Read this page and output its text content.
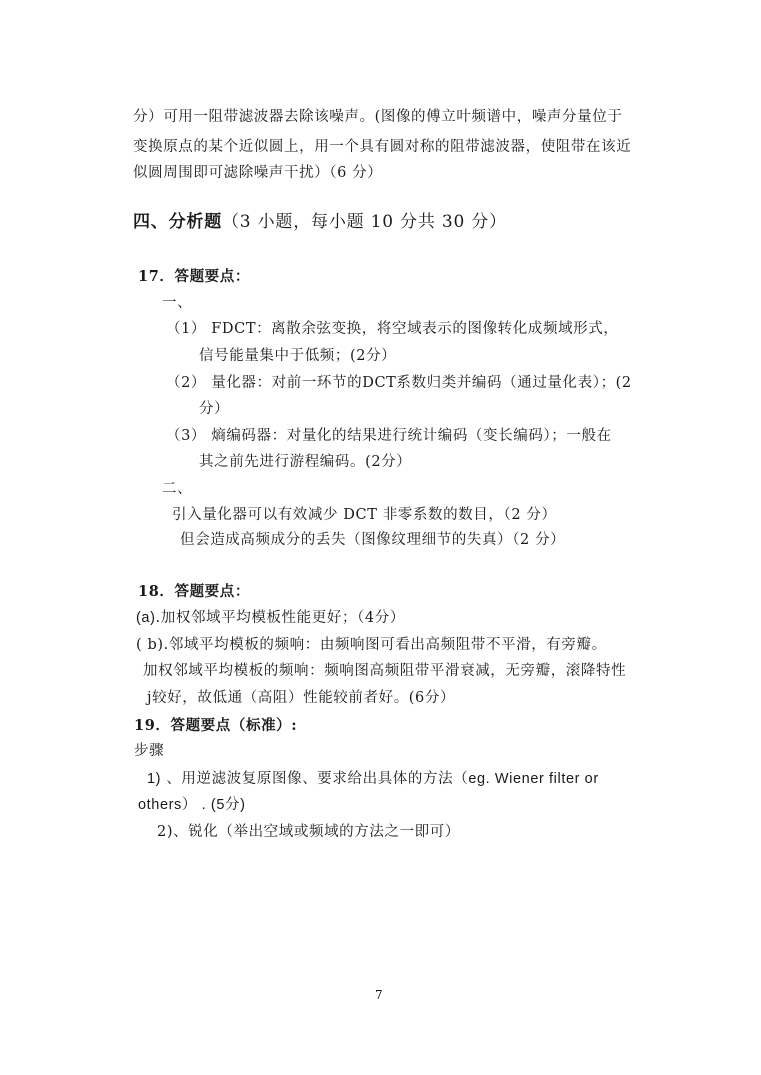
分）可用一阻带滤波器去除该噪声。(图像的傅立叶频谱中，噪声分量位于
变换原点的某个近似圆上，用一个具有圆对称的阻带滤波器，使阻带在该近
似圆周围即可滤除噪声干扰）（6 分）
四、分析题（3 小题，每小题 10 分共 30 分）
17．答题要点：
一、
（1） FDCT：离散余弦变换，将空域表示的图像转化成频域形式，
信号能量集中于低频；(2分）
（2） 量化器：对前一环节的DCT系数归类并编码（通过量化表）；(2
分）
（3） 熵编码器：对量化的结果进行统计编码（变长编码）；一般在
其之前先进行游程编码。(2分）
二、
引入量化器可以有效减少 DCT 非零系数的数目，（2 分）
但会造成高频成分的丢失（图像纹理细节的失真）（2 分）
18．答题要点：
(a).加权邻域平均模板性能更好；（4分）
( b).邻域平均模板的频响：由频响图可看出高频阻带不平滑，有旁瓣。
加权邻域平均模板的频响：频响图高频阻带平滑衰减，无旁瓣，滚降特性
j较好，故低通（高阻）性能较前者好。(6分）
19．答题要点（标准）:
步骤
1) 、用逆滤波复原图像、要求给出具体的方法（eg. Wiener filter or
others） . (5分)
2)、锐化（举出空域或频域的方法之一即可）
7
